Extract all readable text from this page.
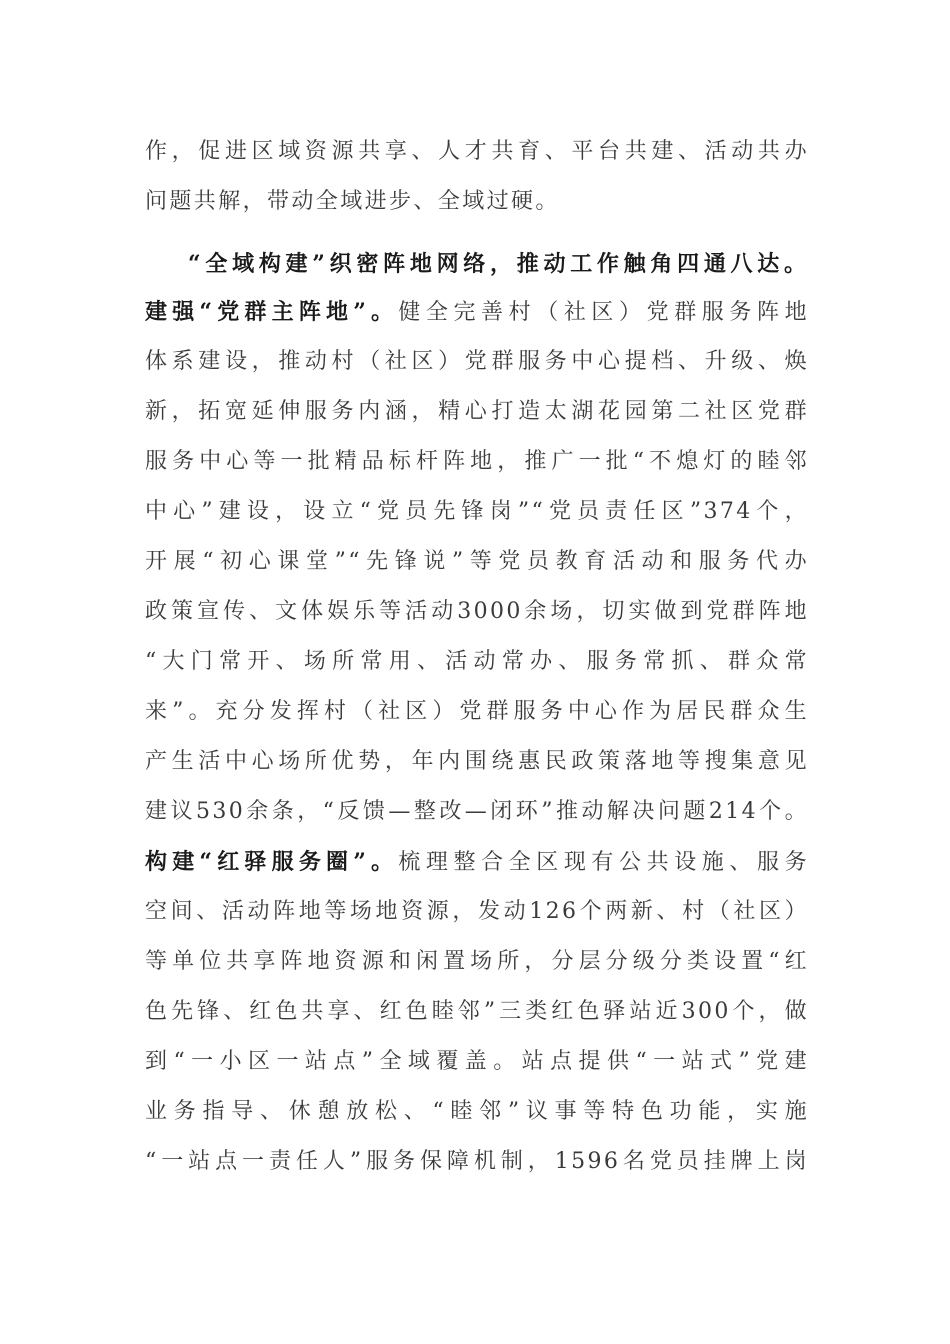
作，促进区域资源共享、人才共育、平台共建、活动共办
问题共解，带动全域进步、全域过硬。
“全域构建”织密阵地网络，推动工作触角四通八达。
建强“党群主阵地”。健全完善村（社区）党群服务阵地
体系建设，推动村（社区）党群服务中心提档、升级、焕
新，拓宽延伸服务内涵，精心打造太湖花园第二社区党群
服务中心等一批精品标杆阵地，推广一批“不熄灯的睦邻
中心”建设，设立“党员先锋岗”“党员责任区”374个，
开展“初心课堂”“先锋说”等党员教育活动和服务代办
政策宣传、文体娱乐等活动3000余场，切实做到党群阵地
“大门常开、场所常用、活动常办、服务常抓、群众常
来”。充分发挥村（社区）党群服务中心作为居民群众生
产生活中心场所优势，年内围绕惠民政策落地等搜集意见
建议530余条，“反馈—整改—闭环”推动解决问题214个。
构建“红驿服务圈”。梳理整合全区现有公共设施、服务
空间、活动阵地等场地资源，发动126个两新、村（社区）
等单位共享阵地资源和闲置场所，分层分级分类设置“红
色先锋、红色共享、红色睦邻”三类红色驿站近300个，做
到“一小区一站点”全域覆盖。站点提供“一站式”党建
业务指导、休憩放松、“睦邻”议事等特色功能，实施
“一站点一责任人”服务保障机制，1596名党员挂牌上岗
